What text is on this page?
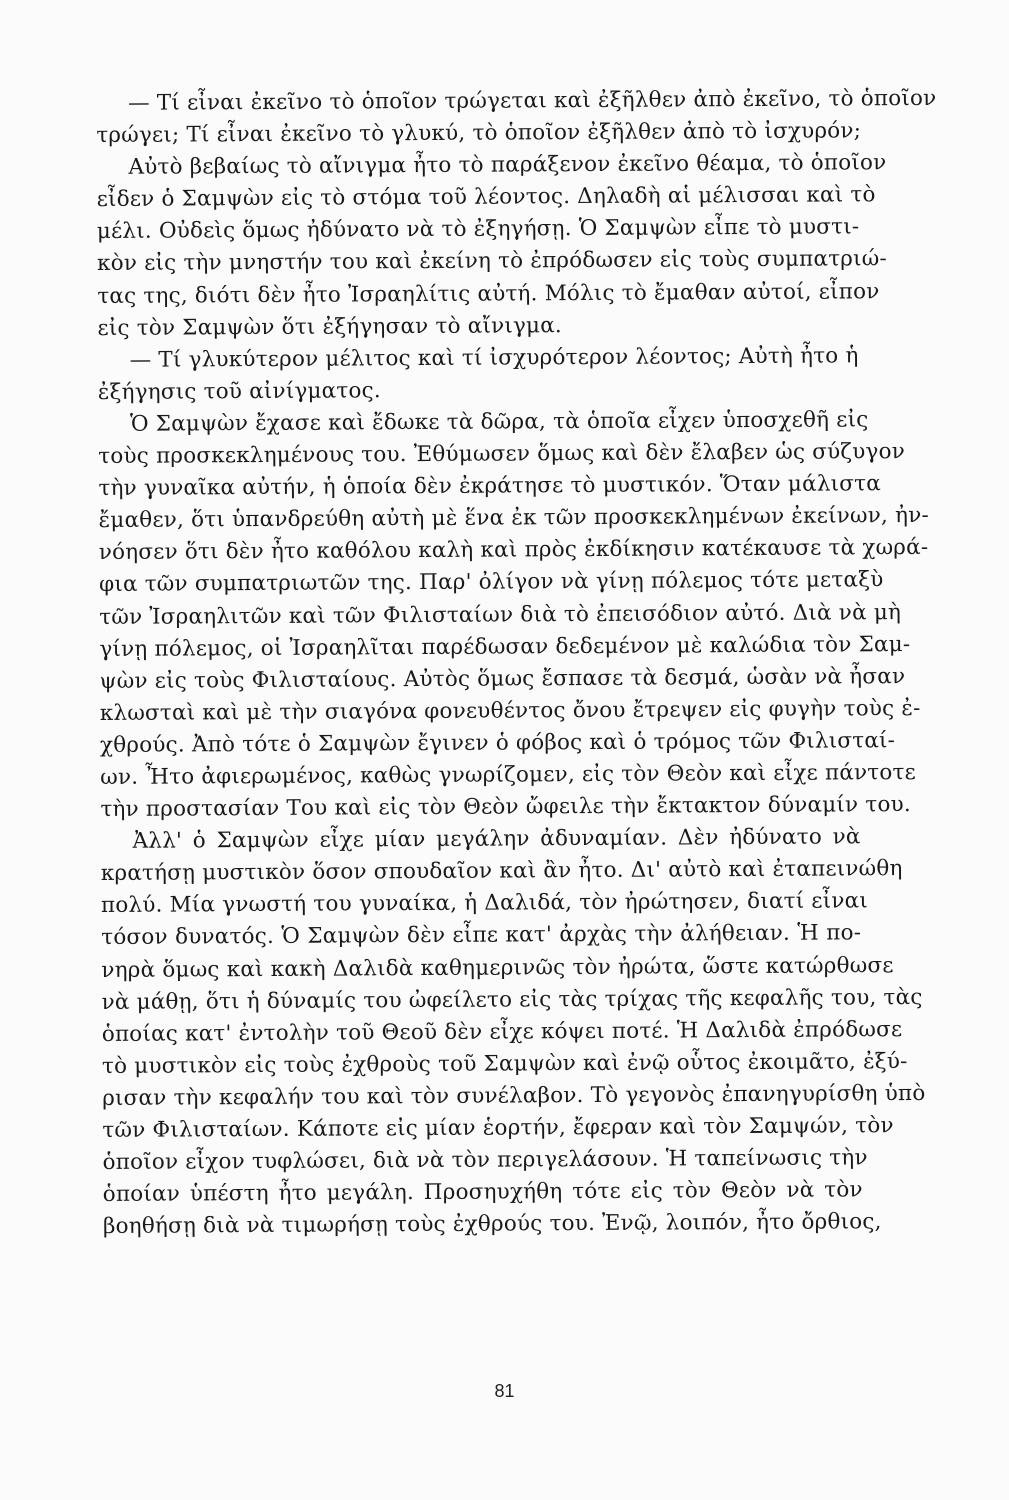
— Τί εἶναι ἐκεῖνο τὸ ὁποῖον τρώγεται καὶ ἐξῆλθεν ἀπὸ ἐκεῖνο, τὸ ὁποῖον
τρώγει; Τί εἶναι ἐκεῖνο τὸ γλυκύ, τὸ ὁποῖον ἐξῆλθεν ἀπὸ τὸ ἰσχυρόν;
Αὐτὸ βεβαίως τὸ αἴνιγμα ἦτο τὸ παράξενον ἐκεῖνο θέαμα, τὸ ὁποῖον
εἶδεν ὁ Σαμψὼν εἰς τὸ στόμα τοῦ λέοντος. Δηλαδὴ αἱ μέλισσαι καὶ τὸ
μέλι. Οὐδεὶς ὅμως ἠδύνατο νὰ τὸ ἐξηγήσῃ. Ὁ Σαμψὼν εἶπε τὸ μυστι-
κὸν εἰς τὴν μνηστήν του καὶ ἐκείνη τὸ ἐπρόδωσεν εἰς τοὺς συμπατριώ-
τας της, διότι δὲν ἦτο Ἰσραηλίτις αὐτή. Μόλις τὸ ἔμαθαν αὐτοί, εἶπον
εἰς τὸν Σαμψὼν ὅτι ἐξήγησαν τὸ αἴνιγμα.
— Τί γλυκύτερον μέλιτος καὶ τί ἰσχυρότερον λέοντος; Αὐτὴ ἦτο ἡ
ἐξήγησις τοῦ αἰνίγματος.
Ὁ Σαμψὼν ἔχασε καὶ ἔδωκε τὰ δῶρα, τὰ ὁποῖα εἶχεν ὑποσχεθῆ εἰς
τοὺς προσκεκλημένους του. Ἐθύμωσεν ὅμως καὶ δὲν ἔλαβεν ὡς σύζυγον
τὴν γυναῖκα αὐτήν, ἡ ὁποία δὲν ἐκράτησε τὸ μυστικόν. Ὅταν μάλιστα
ἔμαθεν, ὅτι ὑπανδρεύθη αὐτὴ μὲ ἕνα ἐκ τῶν προσκεκλημένων ἐκείνων, ἠν-
νόησεν ὅτι δὲν ἦτο καθόλου καλὴ καὶ πρὸς ἐκδίκησιν κατέκαυσε τὰ χωρά-
φια τῶν συμπατριωτῶν της. Παρ' ὀλίγον νὰ γίνῃ πόλεμος τότε μεταξὺ
τῶν Ἰσραηλιτῶν καὶ τῶν Φιλισταίων διὰ τὸ ἐπεισόδιον αὐτό. Διὰ νὰ μὴ
γίνῃ πόλεμος, οἱ Ἰσραηλῖται παρέδωσαν δεδεμένον μὲ καλώδια τὸν Σαμ-
ψὼν εἰς τοὺς Φιλισταίους. Αὐτὸς ὅμως ἔσπασε τὰ δεσμά, ὡσὰν νὰ ἦσαν
κλωσταὶ καὶ μὲ τὴν σιαγόνα φονευθέντος ὄνου ἔτρεψεν εἰς φυγὴν τοὺς ἐ-
χθρούς. Ἀπὸ τότε ὁ Σαμψὼν ἔγινεν ὁ φόβος καὶ ὁ τρόμος τῶν Φιλισταί-
ων. Ἦτο ἀφιερωμένος, καθὼς γνωρίζομεν, εἰς τὸν Θεὸν καὶ εἶχε πάντοτε
τὴν προστασίαν Του καὶ εἰς τὸν Θεὸν ὤφειλε τὴν ἔκτακτον δύναμίν του.
Ἀλλ' ὁ Σαμψὼν εἶχε μίαν μεγάλην ἀδυναμίαν. Δὲν ἠδύνατο νὰ
κρατήσῃ μυστικὸν ὅσον σπουδαῖον καὶ ἂν ἦτο. Δι' αὐτὸ καὶ ἐταπεινώθη
πολύ. Μία γνωστή του γυναίκα, ἡ Δαλιδά, τὸν ἠρώτησεν, διατί εἶναι
τόσον δυνατός. Ὁ Σαμψὼν δὲν εἶπε κατ' ἀρχὰς τὴν ἀλήθειαν. Ἡ πο-
νηρὰ ὅμως καὶ κακὴ Δαλιδὰ καθημερινῶς τὸν ἠρώτα, ὥστε κατώρθωσε
νὰ μάθῃ, ὅτι ἡ δύναμίς του ὠφείλετο εἰς τὰς τρίχας τῆς κεφαλῆς του, τὰς
ὁποίας κατ' ἐντολὴν τοῦ Θεοῦ δὲν εἶχε κόψει ποτέ. Ἡ Δαλιδὰ ἐπρόδωσε
τὸ μυστικὸν εἰς τοὺς ἐχθροὺς τοῦ Σαμψὼν καὶ ἐνῷ οὗτος ἐκοιμᾶτο, ἐξύ-
ρισαν τὴν κεφαλήν του καὶ τὸν συνέλαβον. Τὸ γεγονὸς ἐπανηγυρίσθη ὑπὸ
τῶν Φιλισταίων. Κάποτε εἰς μίαν ἑορτήν, ἔφεραν καὶ τὸν Σαμψών, τὸν
ὁποῖον εἶχον τυφλώσει, διὰ νὰ τὸν περιγελάσουν. Ἡ ταπείνωσις τὴν
ὁποίαν ὑπέστη ἦτο μεγάλη. Προσηυχήθη τότε εἰς τὸν Θεὸν νὰ τὸν
βοηθήσῃ διὰ νὰ τιμωρήσῃ τοὺς ἐχθρούς του. Ἐνῷ, λοιπόν, ἦτο ὄρθιος,
81
